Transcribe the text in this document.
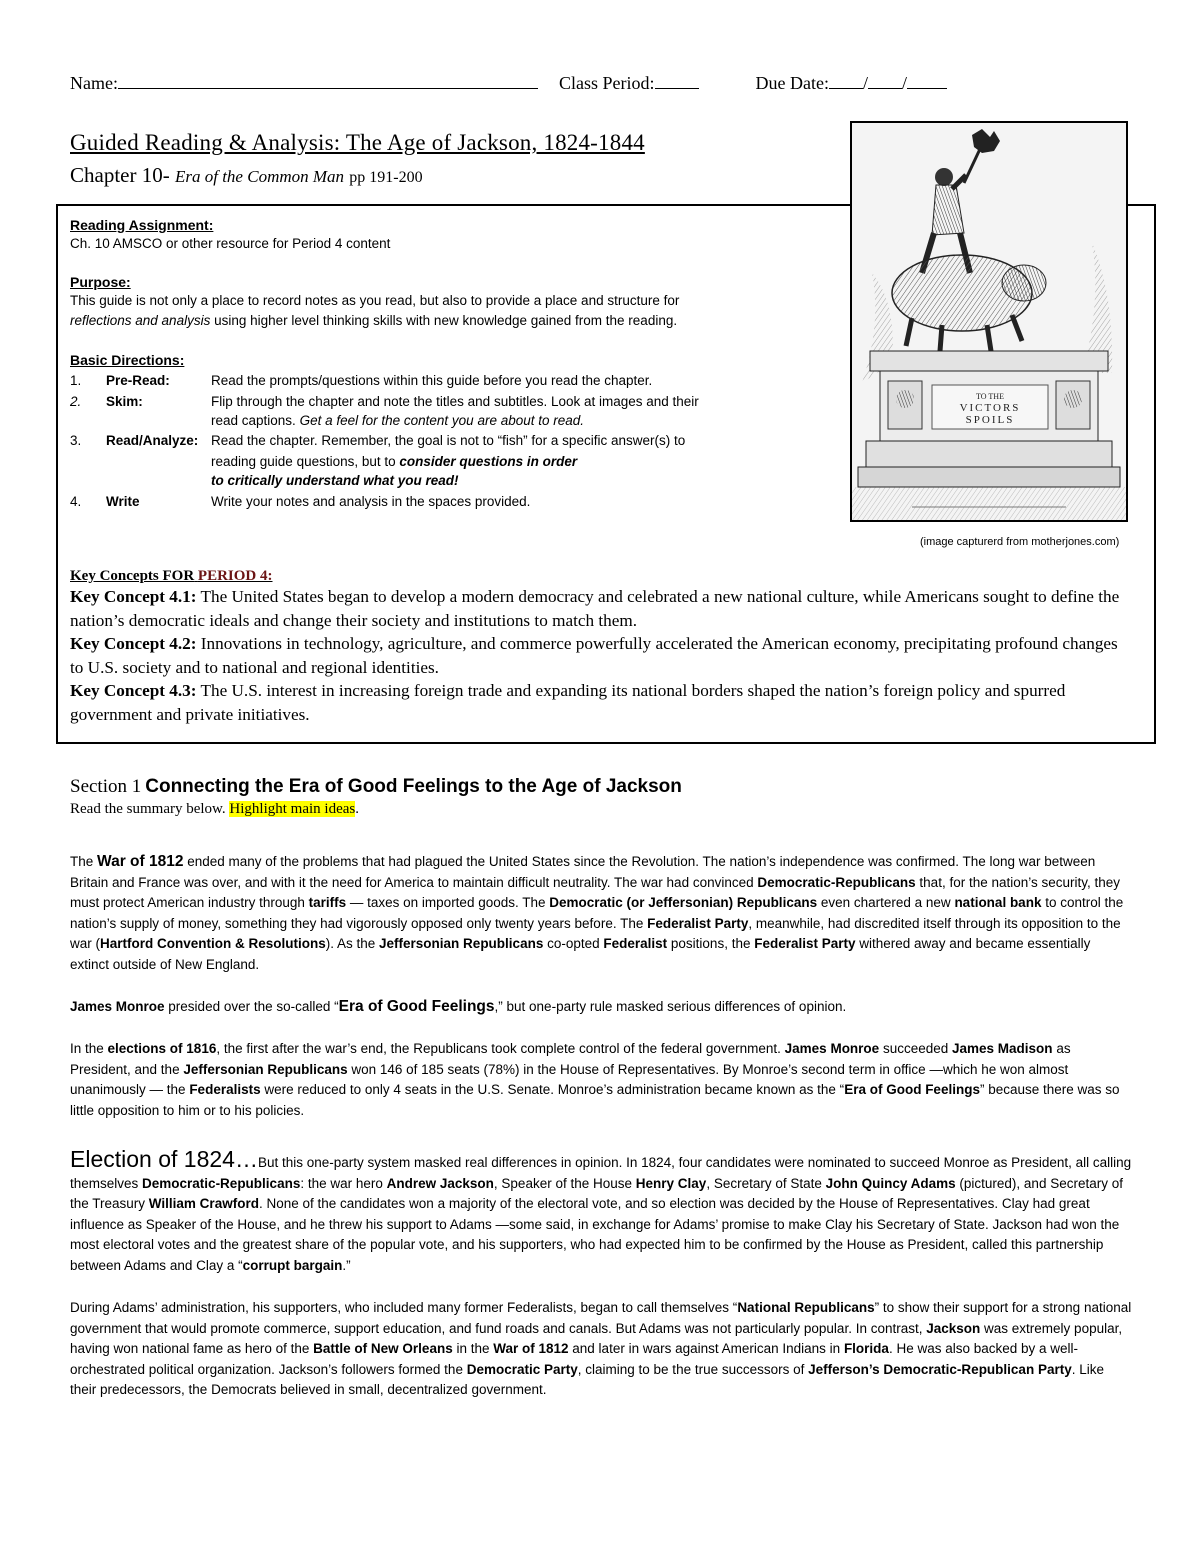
Name:	Class Period:	Due Date: / /
Guided Reading & Analysis: The Age of Jackson, 1824-1844
Chapter 10- Era of the Common Man pp 191-200
Reading Assignment:
Ch. 10 AMSCO or other resource for Period 4 content
Purpose:
This guide is not only a place to record notes as you read, but also to provide a place and structure for
reflections and analysis using higher level thinking skills with new knowledge gained from the reading.
Basic Directions:
1. Pre-Read:	Read the prompts/questions within this guide before you read the chapter.
2. Skim:	Flip through the chapter and note the titles and subtitles. Look at images and their
read captions. Get a feel for the content you are about to read.
3. Read/Analyze: Read the chapter. Remember, the goal is not to “fish” for a specific answer(s) to
reading guide questions, but to consider questions in order
to critically understand what you read!
4. Write	Write your notes and analysis in the spaces provided.
TO THE
VICTORS
SPOILS
(image capturerd from motherjones.com)
Key Concepts FOR PERIOD 4:
Key Concept 4.1: The United States began to develop a modern democracy and celebrated a new national culture, while Americans sought to define the nation’s democratic ideals and change their society and institutions to match them.
Key Concept 4.2: Innovations in technology, agriculture, and commerce powerfully accelerated the American economy, precipitating profound changes to U.S. society and to national and regional identities.
Key Concept 4.3: The U.S. interest in increasing foreign trade and expanding its national borders shaped the nation’s foreign policy and spurred government and private initiatives.
Section 1 Connecting the Era of Good Feelings to the Age of Jackson
Read the summary below. Highlight main ideas.
The War of 1812 ended many of the problems that had plagued the United States since the Revolution. The nation’s independence was confirmed. The long war between Britain and France was over, and with it the need for America to maintain difficult neutrality. The war had convinced Democratic-Republicans that, for the nation’s security, they must protect American industry through tariffs — taxes on imported goods. The Democratic (or Jeffersonian) Republicans even chartered a new national bank to control the nation’s supply of money, something they had vigorously opposed only twenty years before. The Federalist Party, meanwhile, had discredited itself through its opposition to the war (Hartford Convention & Resolutions). As the Jeffersonian Republicans co-opted Federalist positions, the Federalist Party withered away and became essentially extinct outside of New England.
James Monroe presided over the so-called “Era of Good Feelings,” but one-party rule masked serious differences of opinion.
In the elections of 1816, the first after the war’s end, the Republicans took complete control of the federal government. James Monroe succeeded James Madison as President, and the Jeffersonian Republicans won 146 of 185 seats (78%) in the House of Representatives. By Monroe’s second term in office —which he won almost unanimously — the Federalists were reduced to only 4 seats in the U.S. Senate. Monroe’s administration became known as the “Era of Good Feelings” because there was so little opposition to him or to his policies.
Election of 1824…But this one-party system masked real differences in opinion. In 1824, four candidates were nominated to succeed Monroe as President, all calling themselves Democratic-Republicans: the war hero Andrew Jackson, Speaker of the House Henry Clay, Secretary of State John Quincy Adams (pictured), and Secretary of the Treasury William Crawford. None of the candidates won a majority of the electoral vote, and so election was decided by the House of Representatives. Clay had great influence as Speaker of the House, and he threw his support to Adams —some said, in exchange for Adams’ promise to make Clay his Secretary of State. Jackson had won the most electoral votes and the greatest share of the popular vote, and his supporters, who had expected him to be confirmed by the House as President, called this partnership between Adams and Clay a “corrupt bargain.”
During Adams’ administration, his supporters, who included many former Federalists, began to call themselves “National Republicans” to show their support for a strong national government that would promote commerce, support education, and fund roads and canals. But Adams was not particularly popular. In contrast, Jackson was extremely popular, having won national fame as hero of the Battle of New Orleans in the War of 1812 and later in wars against American Indians in Florida. He was also backed by a well-orchestrated political organization. Jackson’s followers formed the Democratic Party, claiming to be the true successors of Jefferson’s Democratic-Republican Party. Like their predecessors, the Democrats believed in small, decentralized government.
